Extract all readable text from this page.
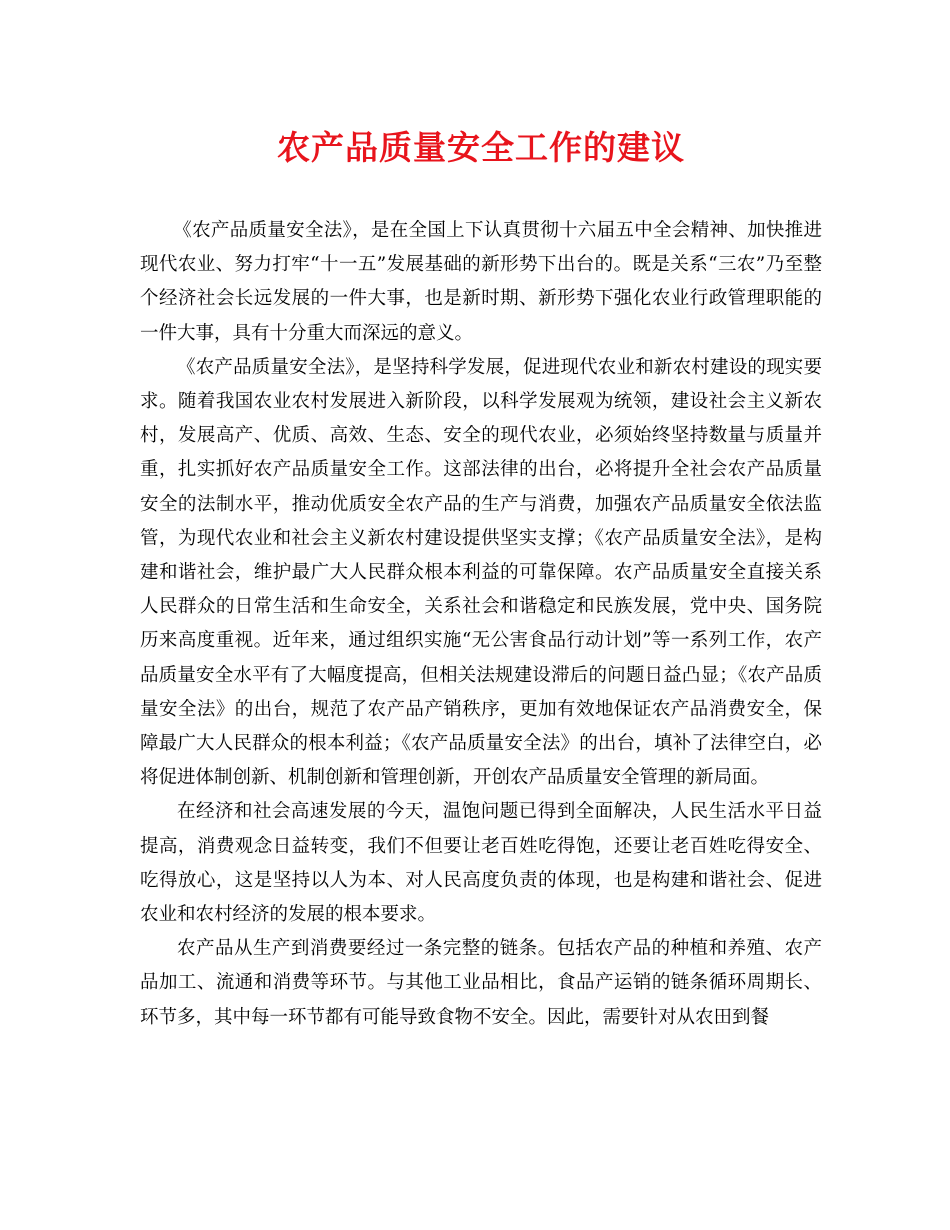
农产品质量安全工作的建议

《农产品质量安全法》，是在全国上下认真贯彻十六届五中全会精神、加快推进现代农业、努力打牢“十一五”发展基础的新形势下出台的。既是关系“三农”乃至整个经济社会长远发展的一件大事，也是新时期、新形势下强化农业行政管理职能的一件大事，具有十分重大而深远的意义。

《农产品质量安全法》，是坚持科学发展，促进现代农业和新农村建设的现实要求。随着我国农业农村发展进入新阶段，以科学发展观为统领，建设社会主义新农村，发展高产、优质、高效、生态、安全的现代农业，必须始终坚持数量与质量并重，扎实抓好农产品质量安全工作。这部法律的出台，必将提升全社会农产品质量安全的法制水平，推动优质安全农产品的生产与消费，加强农产品质量安全依法监管，为现代农业和社会主义新农村建设提供坚实支撑；《农产品质量安全法》，是构建和谐社会，维护最广大人民群众根本利益的可靠保障。农产品质量安全直接关系人民群众的日常生活和生命安全，关系社会和谐稳定和民族发展，党中央、国务院历来高度重视。近年来，通过组织实施“无公害食品行动计划”等一系列工作，农产品质量安全水平有了大幅度提高，但相关法规建设滞后的问题日益凸显；《农产品质量安全法》的出台，规范了农产品产销秩序，更加有效地保证农产品消费安全，保障最广大人民群众的根本利益；《农产品质量安全法》的出台，填补了法律空白，必将促进体制创新、机制创新和管理创新，开创农产品质量安全管理的新局面。

在经济和社会高速发展的今天，温饱问题已得到全面解决，人民生活水平日益提高，消费观念日益转变，我们不但要让老百姓吃得饱，还要让老百姓吃得安全、吃得放心，这是坚持以人为本、对人民高度负责的体现，也是构建和谐社会、促进农业和农村经济的发展的根本要求。

农产品从生产到消费要经过一条完整的链条。包括农产品的种植和养殖、农产品加工、流通和消费等环节。与其他工业品相比，食品产运销的链条循环周期长、环节多，其中每一环节都有可能导致食物不安全。因此，需要针对从农田到餐
